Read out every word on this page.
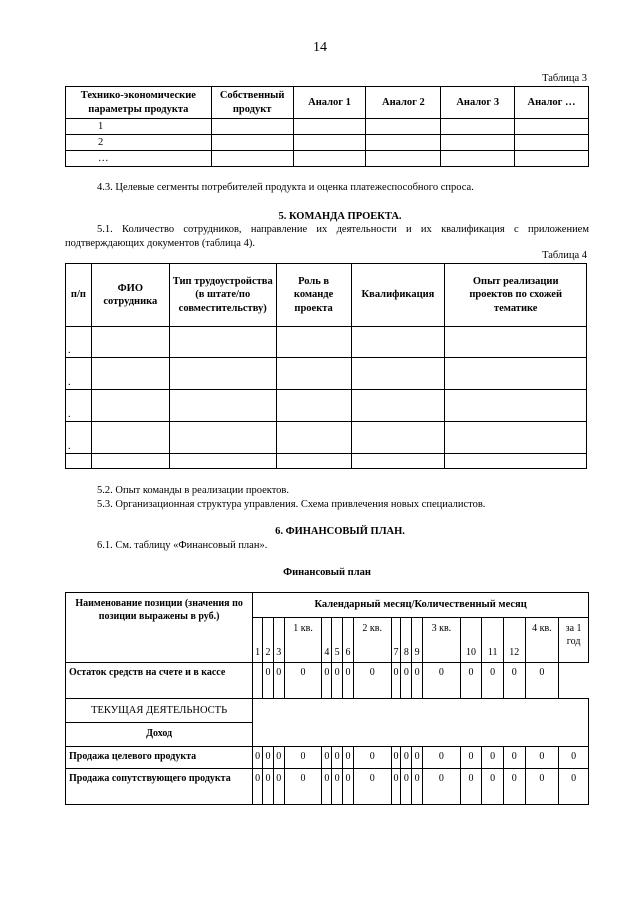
14
Таблица 3
Технико-экономические параметры продукта	Собственный продукт	Аналог 1	Аналог 2	Аналог 3	Аналог …
1					
2					
…					
4.3. Целевые сегменты потребителей продукта и оценка платежеспособного спроса.
5. КОМАНДА ПРОЕКТА.
5.1. Количество сотрудников, направление их деятельности и их квалификация с приложением подтверждающих документов (таблица 4).
Таблица 4
п/п	ФИО сотрудника	Тип трудоустройства (в штате/по совместительству)	Роль в команде проекта	Квалификация	Опыт реализации проектов по схожей тематике
.					
.					
.					
.					

5.2. Опыт команды в реализации проектов.
5.3. Организационная структура управления. Схема привлечения новых специалистов.
6. ФИНАНСОВЫЙ ПЛАН.
6.1. См. таблицу «Финансовый план».
Финансовый план
Наименование позиции (значения по позиции выражены в руб.)	Календарный месяц/Количественный месяц																
	1	2	3	1 кв.	4	5	6	2 кв.	7	8	9	3 кв.	10	11	12	4 кв.	за 1 год
Остаток средств на счете и в кассе		0	0	0	0	0	0	0	0	0	0	0	0	0	0	0	
ТЕКУЩАЯ ДЕЯТЕЛЬНОСТЬ																	
Доход																	
Продажа целевого продукта	0	0	0	0	0	0	0	0	0	0	0	0	0	0	0	0	0
Продажа сопутствующего продукта	0	0	0	0	0	0	0	0	0	0	0	0	0	0	0	0	0
